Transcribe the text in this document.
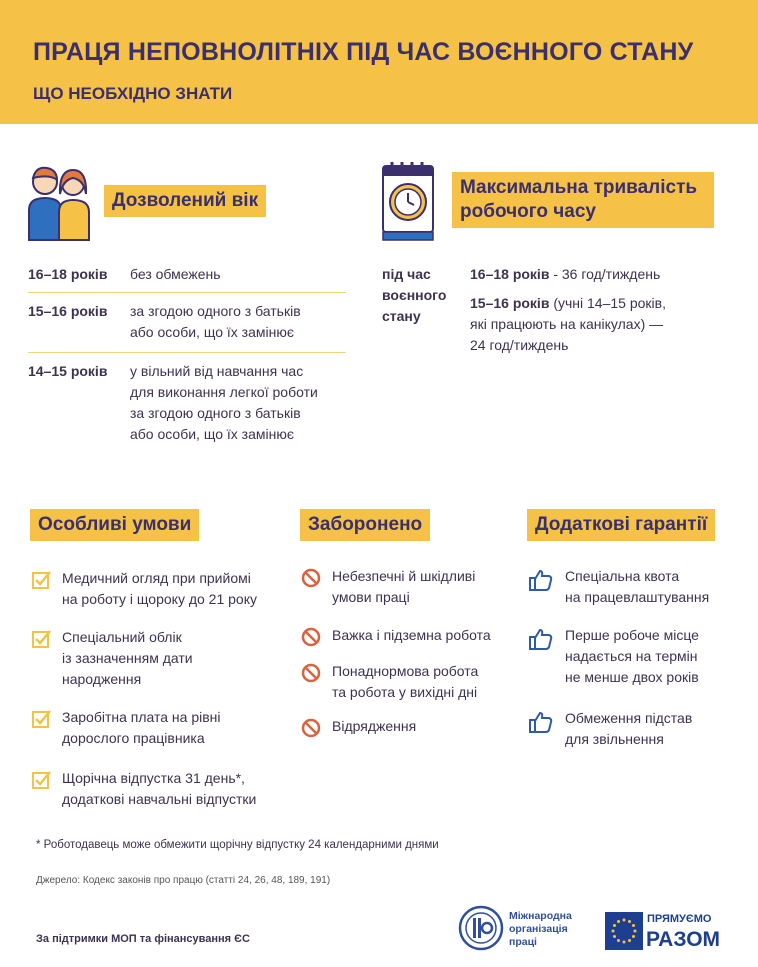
ПРАЦЯ НЕПОВНОЛІТНІХ ПІД ЧАС ВОЄННОГО СТАНУ
ЩО НЕОБХІДНО ЗНАТИ
Дозволений вік
16–18 років без обмежень
15–16 років за згодою одного з батьків
або особи, що їх замінює
14–15 років у вільний від навчання час
для виконання легкої роботи
за згодою одного з батьків
або особи, що їх замінює
Максимальна тривалість
робочого часу
під час
воєнного
стану
16–18 років - 36 год/тиждень
15–16 років (учні 14–15 років,
які працюють на канікулах) —
24 год/тиждень
Особливі умови
Медичний огляд при прийомі
на роботу і щороку до 21 року
Спеціальний облік
із зазначенням дати
народження
Заробітна плата на рівні
дорослого працівника
Щорічна відпустка 31 день*,
додаткові навчальні відпустки
Заборонено
Небезпечні й шкідливі
умови праці
Важка і підземна робота
Понаднормова робота
та робота у вихідні дні
Відрядження
Додаткові гарантії
Спеціальна квота
на працевлаштування
Перше робоче місце
надається на термін
не менше двох років
Обмеження підстав
для звільнення
* Роботодавець може обмежити щорічну відпустку 24 календарними днями
Джерело: Кодекс законів про працю (статті 24, 26, 48, 189, 191)
За підтримки МОП та фінансування ЄС
Міжнародна
організація
праці
ПРЯМУЄМО
РАЗОМ
